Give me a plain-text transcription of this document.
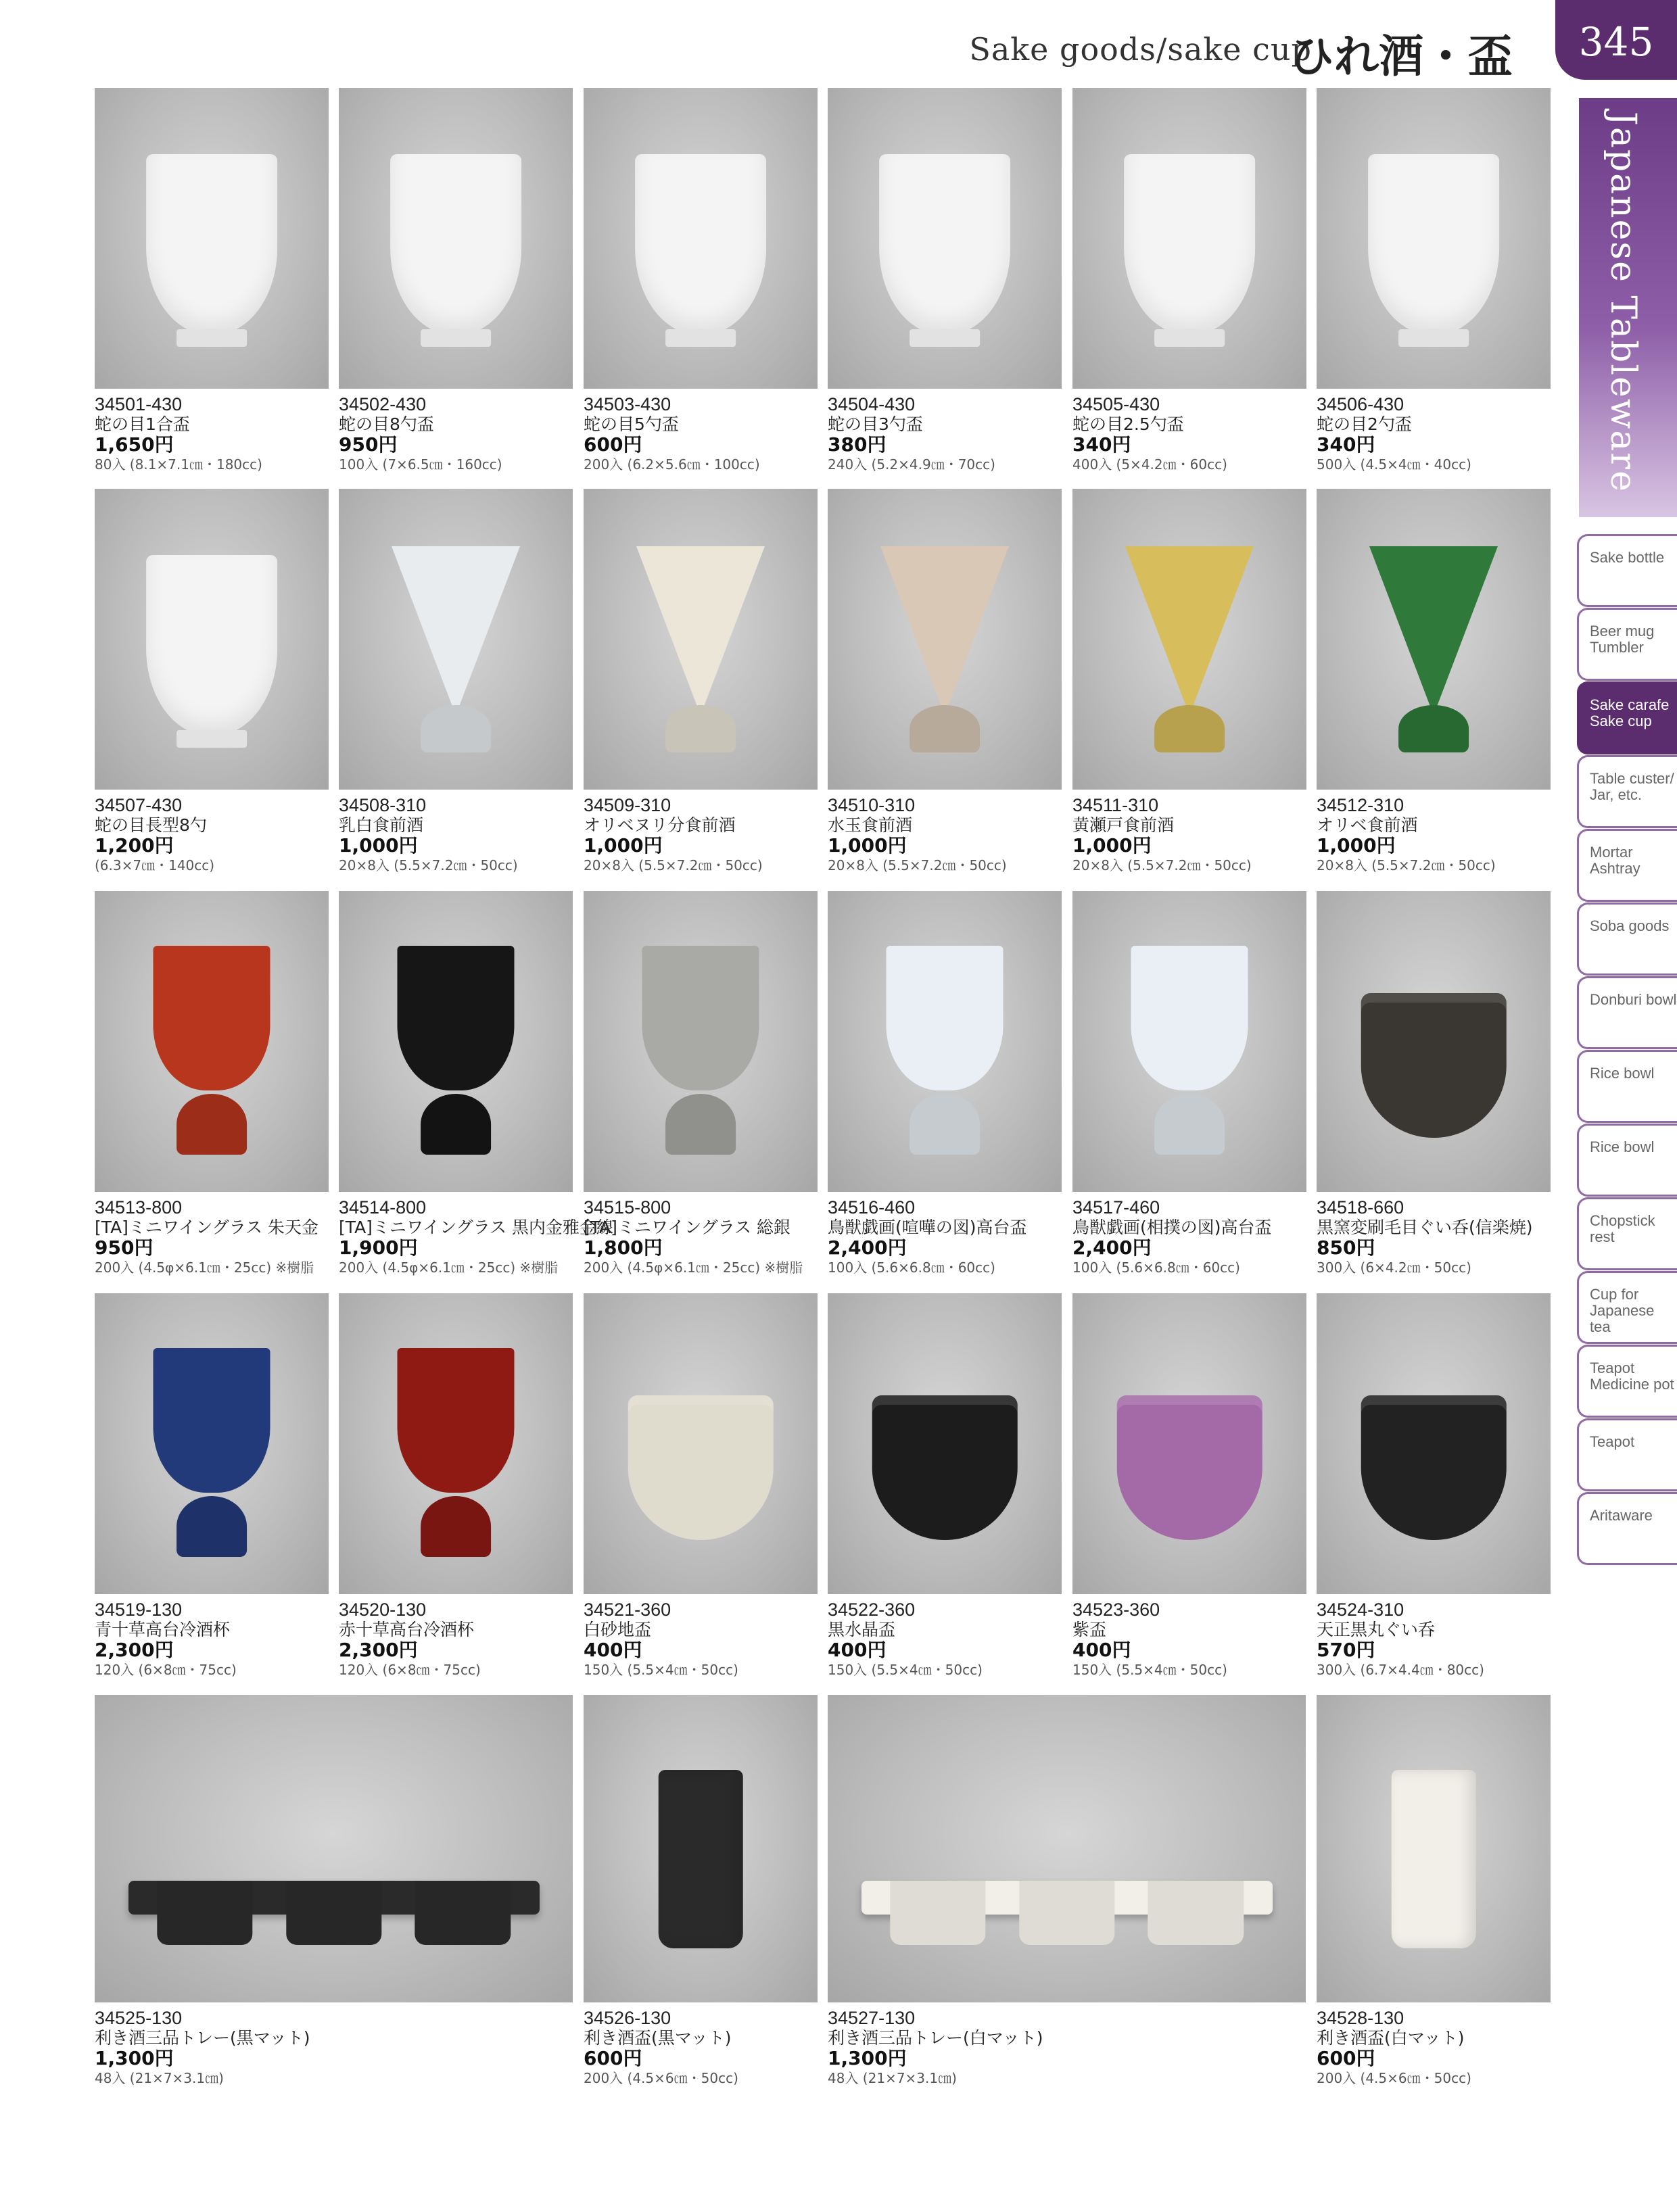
Sake goods/sake cup
ひれ酒・盃	345
Japanese Tableware
Sake bottle
Beer mug Tumbler
Sake carafe Sake cup
Table custer/ Jar, etc.
Mortar Ashtray
Soba goods
Donburi bowl
Rice bowl
Rice bowl
Chopstick rest
Cup for Japanese tea
Teapot Medicine pot
Teapot
Aritaware
34501-430
蛇の目1合盃
1,650円
80入 (8.1×7.1㎝・180cc)
34502-430
蛇の目8勺盃
950円
100入 (7×6.5㎝・160cc)
34503-430
蛇の目5勺盃
600円
200入 (6.2×5.6㎝・100cc)
34504-430
蛇の目3勺盃
380円
240入 (5.2×4.9㎝・70cc)
34505-430
蛇の目2.5勺盃
340円
400入 (5×4.2㎝・60cc)
34506-430
蛇の目2勺盃
340円
500入 (4.5×4㎝・40cc)
34507-430
蛇の目長型8勺
1,200円
(6.3×7㎝・140cc)
34508-310
乳白食前酒
1,000円
20×8入 (5.5×7.2㎝・50cc)
34509-310
オリベヌリ分食前酒
1,000円
20×8入 (5.5×7.2㎝・50cc)
34510-310
水玉食前酒
1,000円
20×8入 (5.5×7.2㎝・50cc)
34511-310
黄瀬戸食前酒
1,000円
20×8入 (5.5×7.2㎝・50cc)
34512-310
オリベ食前酒
1,000円
20×8入 (5.5×7.2㎝・50cc)
34513-800
[TA]ミニワイングラス 朱天金
950円
200入 (4.5φ×6.1㎝・25cc) ※樹脂
34514-800
[TA]ミニワイングラス 黒内金雅金線
1,900円
200入 (4.5φ×6.1㎝・25cc) ※樹脂
34515-800
[TA]ミニワイングラス 総銀
1,800円
200入 (4.5φ×6.1㎝・25cc) ※樹脂
34516-460
鳥獣戯画(喧嘩の図)高台盃
2,400円
100入 (5.6×6.8㎝・60cc)
34517-460
鳥獣戯画(相撲の図)高台盃
2,400円
100入 (5.6×6.8㎝・60cc)
34518-660
黒窯変刷毛目ぐい呑(信楽焼)
850円
300入 (6×4.2㎝・50cc)
34519-130
青十草高台冷酒杯
2,300円
120入 (6×8㎝・75cc)
34520-130
赤十草高台冷酒杯
2,300円
120入 (6×8㎝・75cc)
34521-360
白砂地盃
400円
150入 (5.5×4㎝・50cc)
34522-360
黒水晶盃
400円
150入 (5.5×4㎝・50cc)
34523-360
紫盃
400円
150入 (5.5×4㎝・50cc)
34524-310
天正黒丸ぐい呑
570円
300入 (6.7×4.4㎝・80cc)
34525-130
利き酒三品トレー(黒マット)
1,300円
48入 (21×7×3.1㎝)
34526-130
利き酒盃(黒マット)
600円
200入 (4.5×6㎝・50cc)
34527-130
利き酒三品トレー(白マット)
1,300円
48入 (21×7×3.1㎝)
34528-130
利き酒盃(白マット)
600円
200入 (4.5×6㎝・50cc)
